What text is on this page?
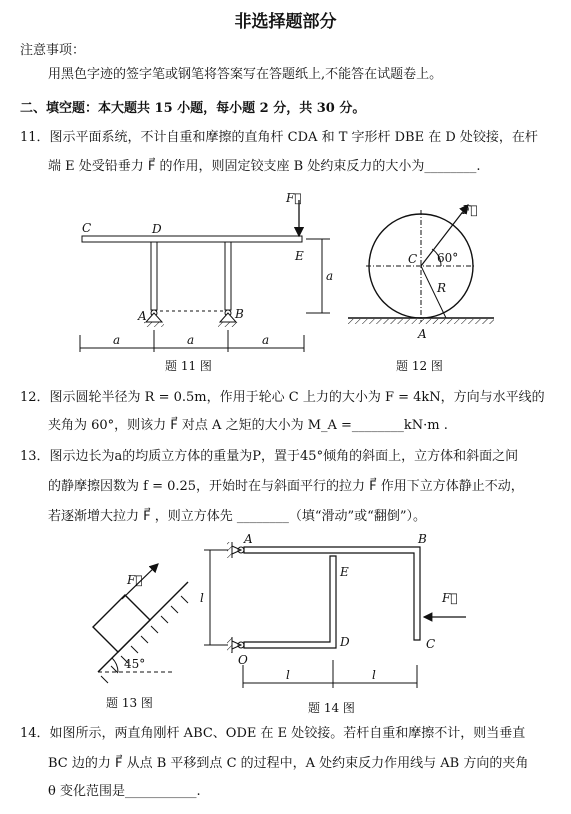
非选择题部分
注意事项：
用黑色字迹的签字笔或钢笔将答案写在答题纸上,不能答在试题卷上。
二、填空题：本大题共 15 小题，每小题 2 分，共 30 分。
11．图示平面系统，不计自重和摩擦的直角杆 CDA 和 T 字形杆 DBE 在 D 处铰接，在杆
端 E 处受铅垂力 F⃗ 的作用，则固定铰支座 B 处约束反力的大小为________.
12．图示圆轮半径为 R = 0.5m，作用于轮心 C 上力的大小为 F = 4kN，方向与水平线的
夹角为 60°，则该力 F⃗ 对点 A 之矩的大小为 M_A =________kN·m .
13．图示边长为a的均质立方体的重量为P，置于45°倾角的斜面上，立方体和斜面之间
的静摩擦因数为 f = 0.25，开始时在与斜面平行的拉力 F⃗ 作用下立方体静止不动，
若逐渐增大拉力 F⃗ ，则立方体先 ________（填“滑动”或“翻倒”）。
14．如图所示，两直角刚杆 ABC、ODE 在 E 处铰接。若杆自重和摩擦不计，则当垂直
BC 边的力 F⃗ 从点 B 平移到点 C 的过程中，A 处约束反力作用线与 AB 方向的夹角
θ 变化范围是___________.
题 11 图	题 12 图
题 13 图	题 14 图
C	D
E
A	B
F⃗
a
a	a	a
F⃗
60°
C
R
A
F⃗
45°
A	B
E
F⃗
D	C
O
l
l	l
